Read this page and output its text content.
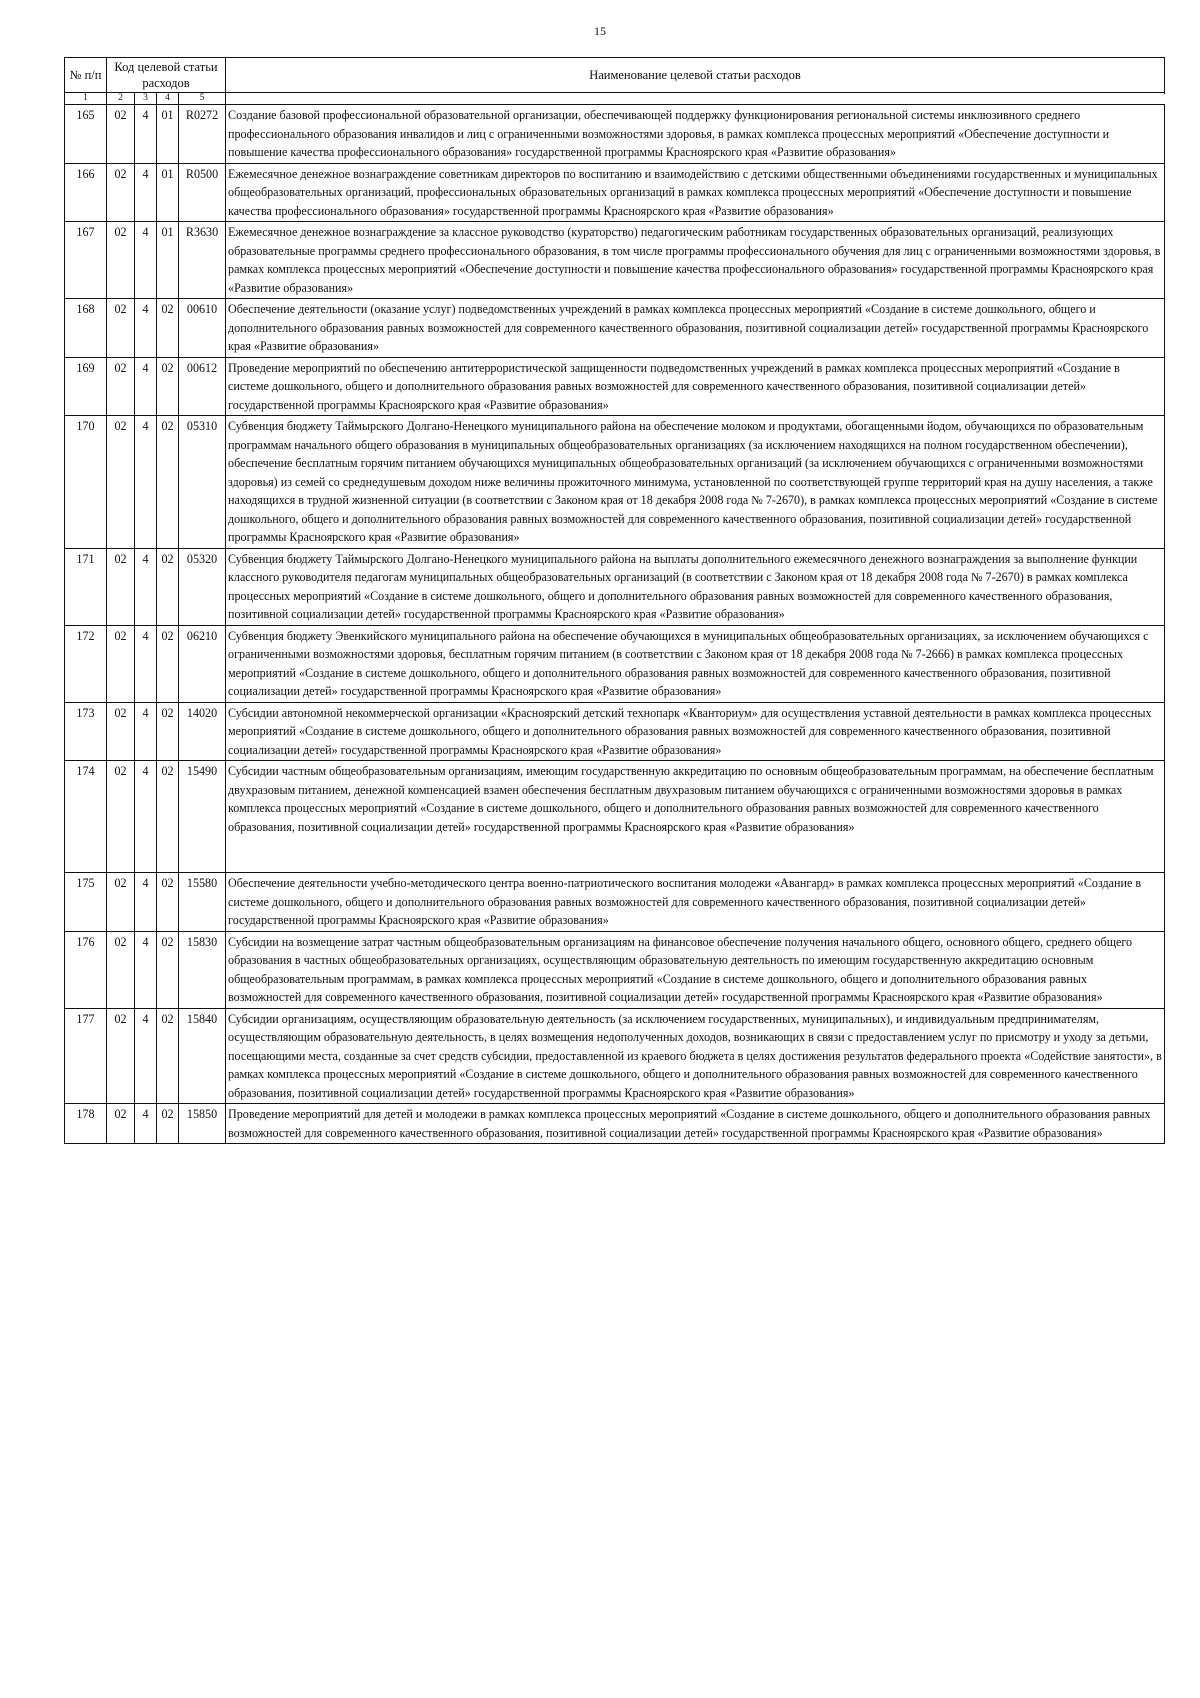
15
№ п/п	Код целевой статьи расходов				Наименование целевой статьи расходов

1	2	3	4	5	
165	02	4	01	R0272	Создание базовой профессиональной образовательной организации, обеспечивающей поддержку функционирования региональной системы инклюзивного среднего профессионального образования инвалидов и лиц с ограниченными возможностями здоровья, в рамках комплекса процессных мероприятий «Обеспечение доступности и повышение качества профессионального образования» государственной программы Красноярского края «Развитие образования»
166	02	4	01	R0500	Ежемесячное денежное вознаграждение советникам директоров по воспитанию и взаимодействию с детскими общественными объединениями государственных и муниципальных общеобразовательных организаций, профессиональных образовательных организаций в рамках комплекса процессных мероприятий «Обеспечение доступности и повышение качества профессионального образования» государственной программы Красноярского края «Развитие образования»
167	02	4	01	R3630	Ежемесячное денежное вознаграждение за классное руководство (кураторство) педагогическим работникам государственных образовательных организаций, реализующих образовательные программы среднего профессионального образования, в том числе программы профессионального обучения для лиц с ограниченными возможностями здоровья, в рамках комплекса процессных мероприятий «Обеспечение доступности и повышение качества профессионального образования» государственной программы Красноярского края «Развитие образования»
168	02	4	02	00610	Обеспечение деятельности (оказание услуг) подведомственных учреждений в рамках комплекса процессных мероприятий «Создание в системе дошкольного, общего и дополнительного образования равных возможностей для современного качественного образования, позитивной социализации детей» государственной программы Красноярского края «Развитие образования»
169	02	4	02	00612	Проведение мероприятий по обеспечению антитеррористической защищенности подведомственных учреждений в рамках комплекса процессных мероприятий «Создание в системе дошкольного, общего и дополнительного образования равных возможностей для современного качественного образования, позитивной социализации детей» государственной программы Красноярского края «Развитие образования»
170	02	4	02	05310	Субвенция бюджету Таймырского Долгано-Ненецкого муниципального района на обеспечение молоком и продуктами, обогащенными йодом, обучающихся по образовательным программам начального общего образования в муниципальных общеобразовательных организациях (за исключением находящихся на полном государственном обеспечении), обеспечение бесплатным горячим питанием обучающихся муниципальных общеобразовательных организаций (за исключением обучающихся с ограниченными возможностями здоровья) из семей со среднедушевым доходом ниже величины прожиточного минимума, установленной по соответствующей группе территорий края на душу населения, а также находящихся в трудной жизненной ситуации (в соответствии с Законом края от 18 декабря 2008 года № 7-2670), в рамках комплекса процессных мероприятий «Создание в системе дошкольного, общего и дополнительного образования равных возможностей для современного качественного образования, позитивной социализации детей» государственной программы Красноярского края «Развитие образования»
171	02	4	02	05320	Субвенция бюджету Таймырского Долгано-Ненецкого муниципального района на выплаты дополнительного ежемесячного денежного вознаграждения за выполнение функции классного руководителя педагогам муниципальных общеобразовательных организаций (в соответствии с Законом края от 18 декабря 2008 года № 7-2670) в рамках комплекса процессных мероприятий «Создание в системе дошкольного, общего и дополнительного образования равных возможностей для современного качественного образования, позитивной социализации детей» государственной программы Красноярского края «Развитие образования»
172	02	4	02	06210	Субвенция бюджету Эвенкийского муниципального района на обеспечение обучающихся в муниципальных общеобразовательных организациях, за исключением обучающихся с ограниченными возможностями здоровья, бесплатным горячим питанием (в соответствии с Законом края от 18 декабря 2008 года № 7-2666) в рамках комплекса процессных мероприятий «Создание в системе дошкольного, общего и дополнительного образования равных возможностей для современного качественного образования, позитивной социализации детей» государственной программы Красноярского края «Развитие образования»
173	02	4	02	14020	Субсидии автономной некоммерческой организации «Красноярский детский технопарк «Кванториум» для осуществления уставной деятельности в рамках комплекса процессных мероприятий «Создание в системе дошкольного, общего и дополнительного образования равных возможностей для современного качественного образования, позитивной социализации детей» государственной программы Красноярского края «Развитие образования»
174	02	4	02	15490	Субсидии частным общеобразовательным организациям, имеющим государственную аккредитацию по основным общеобразовательным программам, на обеспечение бесплатным двухразовым питанием, денежной компенсацией взамен обеспечения бесплатным двухразовым питанием обучающихся с ограниченными возможностями здоровья в рамках комплекса процессных мероприятий «Создание в системе дошкольного, общего и дополнительного образования равных возможностей для современного качественного образования, позитивной социализации детей» государственной программы Красноярского края «Развитие образования»
175	02	4	02	15580	Обеспечение деятельности учебно-методического центра военно-патриотического воспитания молодежи «Авангард» в рамках комплекса процессных мероприятий «Создание в системе дошкольного, общего и дополнительного образования равных возможностей для современного качественного образования, позитивной социализации детей» государственной программы Красноярского края «Развитие образования»
176	02	4	02	15830	Субсидии на возмещение затрат частным общеобразовательным организациям на финансовое обеспечение получения начального общего, основного общего, среднего общего образования в частных общеобразовательных организациях, осуществляющим образовательную деятельность по имеющим государственную аккредитацию основным общеобразовательным программам, в рамках комплекса процессных мероприятий «Создание в системе дошкольного, общего и дополнительного образования равных возможностей для современного качественного образования, позитивной социализации детей» государственной программы Красноярского края «Развитие образования»
177	02	4	02	15840	Субсидии организациям, осуществляющим образовательную деятельность (за исключением государственных, муниципальных), и индивидуальным предпринимателям, осуществляющим образовательную деятельность, в целях возмещения недополученных доходов, возникающих в связи с предоставлением услуг по присмотру и уходу за детьми, посещающими места, созданные за счет средств субсидии, предоставленной из краевого бюджета в целях достижения результатов федерального проекта «Содействие занятости», в рамках комплекса процессных мероприятий «Создание в системе дошкольного, общего и дополнительного образования равных возможностей для современного качественного образования, позитивной социализации детей» государственной программы Красноярского края «Развитие образования»
178	02	4	02	15850	Проведение мероприятий для детей и молодежи в рамках комплекса процессных мероприятий «Создание в системе дошкольного, общего и дополнительного образования равных возможностей для современного качественного образования, позитивной социализации детей» государственной программы Красноярского края «Развитие образования»
